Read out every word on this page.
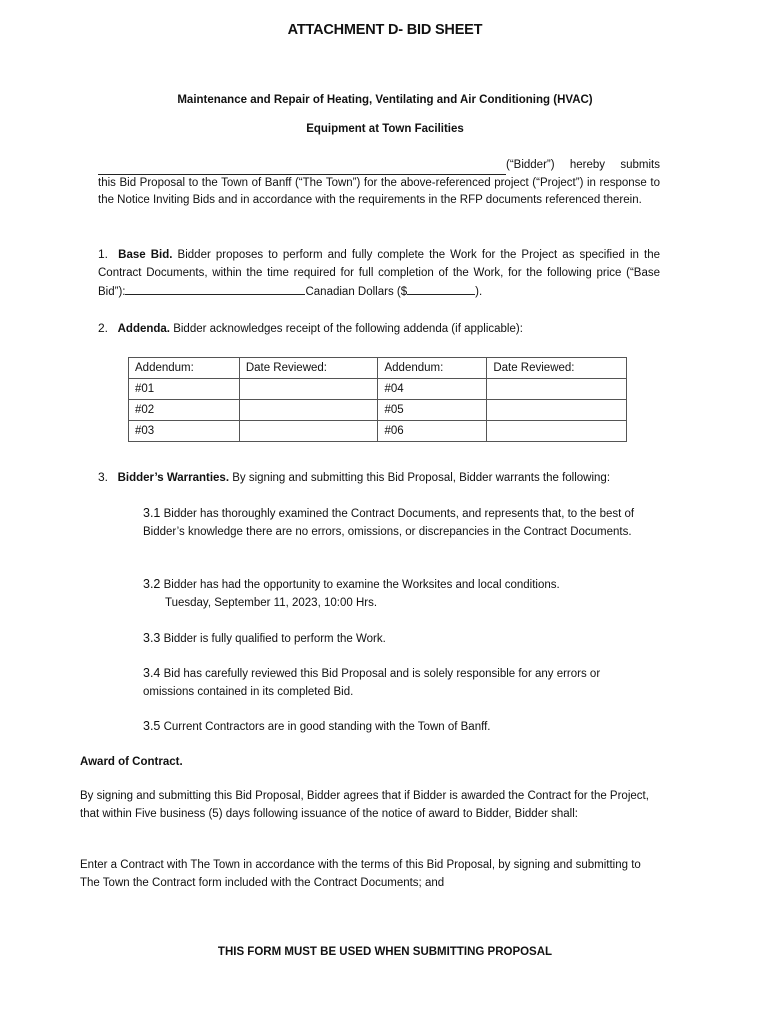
ATTACHMENT D- BID SHEET
Maintenance and Repair of Heating, Ventilating and Air Conditioning (HVAC)
Equipment at Town Facilities
(“Bidder”) hereby submits
this Bid Proposal to the Town of Banff (“The Town”) for the above-referenced project (“Project”) in response to the Notice Inviting Bids and in accordance with the requirements in the RFP documents referenced therein.
1. Base Bid. Bidder proposes to perform and fully complete the Work for the Project as specified in the Contract Documents, within the time required for full completion of the Work, for the following price (“Base Bid”):	Canadian Dollars ($	).
2. Addenda. Bidder acknowledges receipt of the following addenda (if applicable):
Addendum:	Date Reviewed:	Addendum:	Date Reviewed:
#01		#04	
#02		#05	
#03		#06	
3. Bidder’s Warranties. By signing and submitting this Bid Proposal, Bidder warrants the following:
3.1 Bidder has thoroughly examined the Contract Documents, and represents that, to the best of Bidder’s knowledge there are no errors, omissions, or discrepancies in the Contract Documents.
3.2 Bidder has had the opportunity to examine the Worksites and local conditions.
Tuesday, September 11, 2023, 10:00 Hrs.
3.3 Bidder is fully qualified to perform the Work.
3.4 Bid has carefully reviewed this Bid Proposal and is solely responsible for any errors or omissions contained in its completed Bid.
3.5 Current Contractors are in good standing with the Town of Banff.
Award of Contract.
By signing and submitting this Bid Proposal, Bidder agrees that if Bidder is awarded the Contract for the Project, that within Five business (5) days following issuance of the notice of award to Bidder, Bidder shall:
Enter a Contract with The Town in accordance with the terms of this Bid Proposal, by signing and submitting to The Town the Contract form included with the Contract Documents; and
THIS FORM MUST BE USED WHEN SUBMITTING PROPOSAL
